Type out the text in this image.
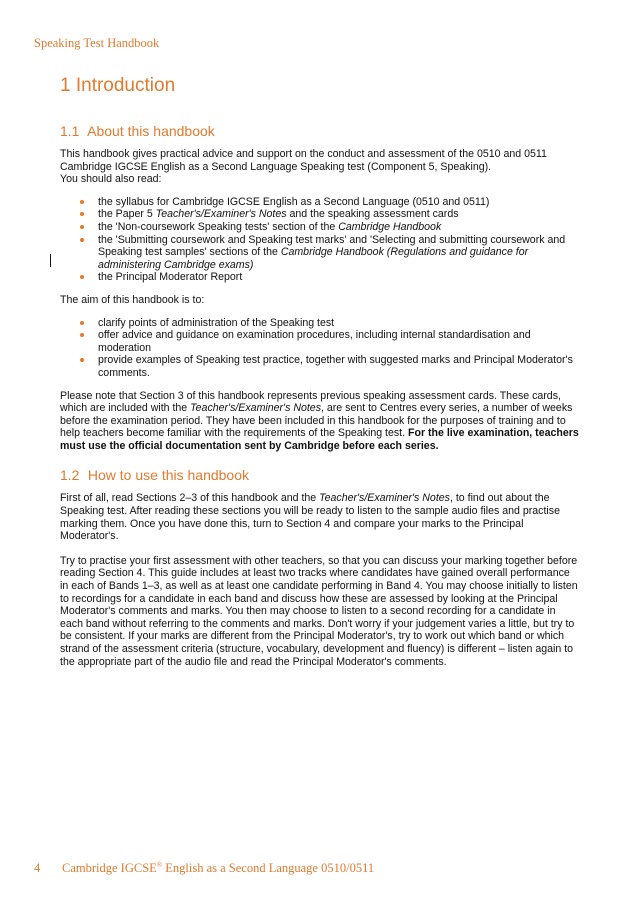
Speaking Test Handbook
1 Introduction
1.1 About this handbook

This handbook gives practical advice and support on the conduct and assessment of the 0510 and 0511 Cambridge IGCSE English as a Second Language Speaking test (Component 5, Speaking).
You should also read:

the syllabus for Cambridge IGCSE English as a Second Language (0510 and 0511)
the Paper 5 Teacher's/Examiner's Notes and the speaking assessment cards
the 'Non-coursework Speaking tests' section of the Cambridge Handbook
the 'Submitting coursework and Speaking test marks' and 'Selecting and submitting coursework and Speaking test samples' sections of the Cambridge Handbook (Regulations and guidance for administering Cambridge exams)
the Principal Moderator Report

The aim of this handbook is to:

clarify points of administration of the Speaking test
offer advice and guidance on examination procedures, including internal standardisation and moderation
provide examples of Speaking test practice, together with suggested marks and Principal Moderator's comments.

Please note that Section 3 of this handbook represents previous speaking assessment cards. These cards, which are included with the Teacher's/Examiner's Notes, are sent to Centres every series, a number of weeks before the examination period. They have been included in this handbook for the purposes of training and to help teachers become familiar with the requirements of the Speaking test. For the live examination, teachers must use the official documentation sent by Cambridge before each series.

1.2 How to use this handbook

First of all, read Sections 2–3 of this handbook and the Teacher's/Examiner's Notes, to find out about the Speaking test. After reading these sections you will be ready to listen to the sample audio files and practise marking them. Once you have done this, turn to Section 4 and compare your marks to the Principal Moderator's.

Try to practise your first assessment with other teachers, so that you can discuss your marking together before reading Section 4. This guide includes at least two tracks where candidates have gained overall performance in each of Bands 1–3, as well as at least one candidate performing in Band 4. You may choose initially to listen to recordings for a candidate in each band and discuss how these are assessed by looking at the Principal Moderator's comments and marks. You then may choose to listen to a second recording for a candidate in each band without referring to the comments and marks. Don't worry if your judgement varies a little, but try to be consistent. If your marks are different from the Principal Moderator's, try to work out which band or which strand of the assessment criteria (structure, vocabulary, development and fluency) is different – listen again to the appropriate part of the audio file and read the Principal Moderator's comments.

4 Cambridge IGCSE® English as a Second Language 0510/0511
